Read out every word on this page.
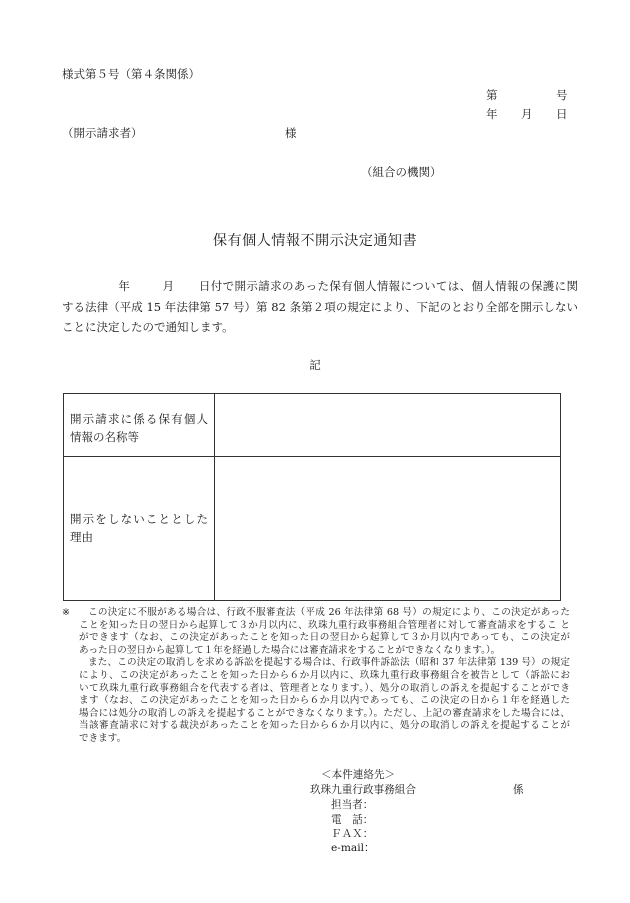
様式第５号（第４条関係）
第	号
年 月 日
（開示請求者）	様
（組合の機関）
保有個人情報不開示決定通知書
年	月 日付で開示請求のあった保有個人情報については、個人情報の保護に関
する法律（平成 15 年法律第 57 号）第 82 条第２項の規定により、下記のとおり全部を開示しない
ことに決定したので通知します。
記
開示請求に係る保有個人
情報の名称等	

開示をしないこととした
理由	

※	この決定に不服がある場合は、行政不服審査法（平成 26 年法律第 68 号）の規定により、この決定があった
ことを知った日の翌日から起算して３か月以内に、玖珠九重行政事務組合管理者に対して審査請求をするこ と
ができます（なお、この決定があったことを知った日の翌日から起算して３か月以内であっても、この決定が
あった日の翌日から起算して１年を経過した場合には審査請求をすることができなくなります。）。
また、この決定の取消しを求める訴訟を提起する場合は、行政事件訴訟法（昭和 37 年法律第 139 号）の規定
により、この決定があったことを知った日から６か月以内に、玖珠九重行政事務組合を被告として（訴訟にお
いて玖珠九重行政事務組合を代表する者は、管理者となります。）、処分の取消しの訴えを提起することができ
ます（なお、この決定があったことを知った日から６か月以内であっても、この決定の日から１年を経過した
場合には処分の取消しの訴えを提起することができなくなります。）。ただし、上記の審査請求をした場合には、
当該審査請求に対する裁決があったことを知った日から６か月以内に、処分の取消しの訴えを提起することが
できます。
＜本件連絡先＞
玖珠九重行政事務組合	係
担当者：
電　話：
ＦＡＸ：
e-mail：
